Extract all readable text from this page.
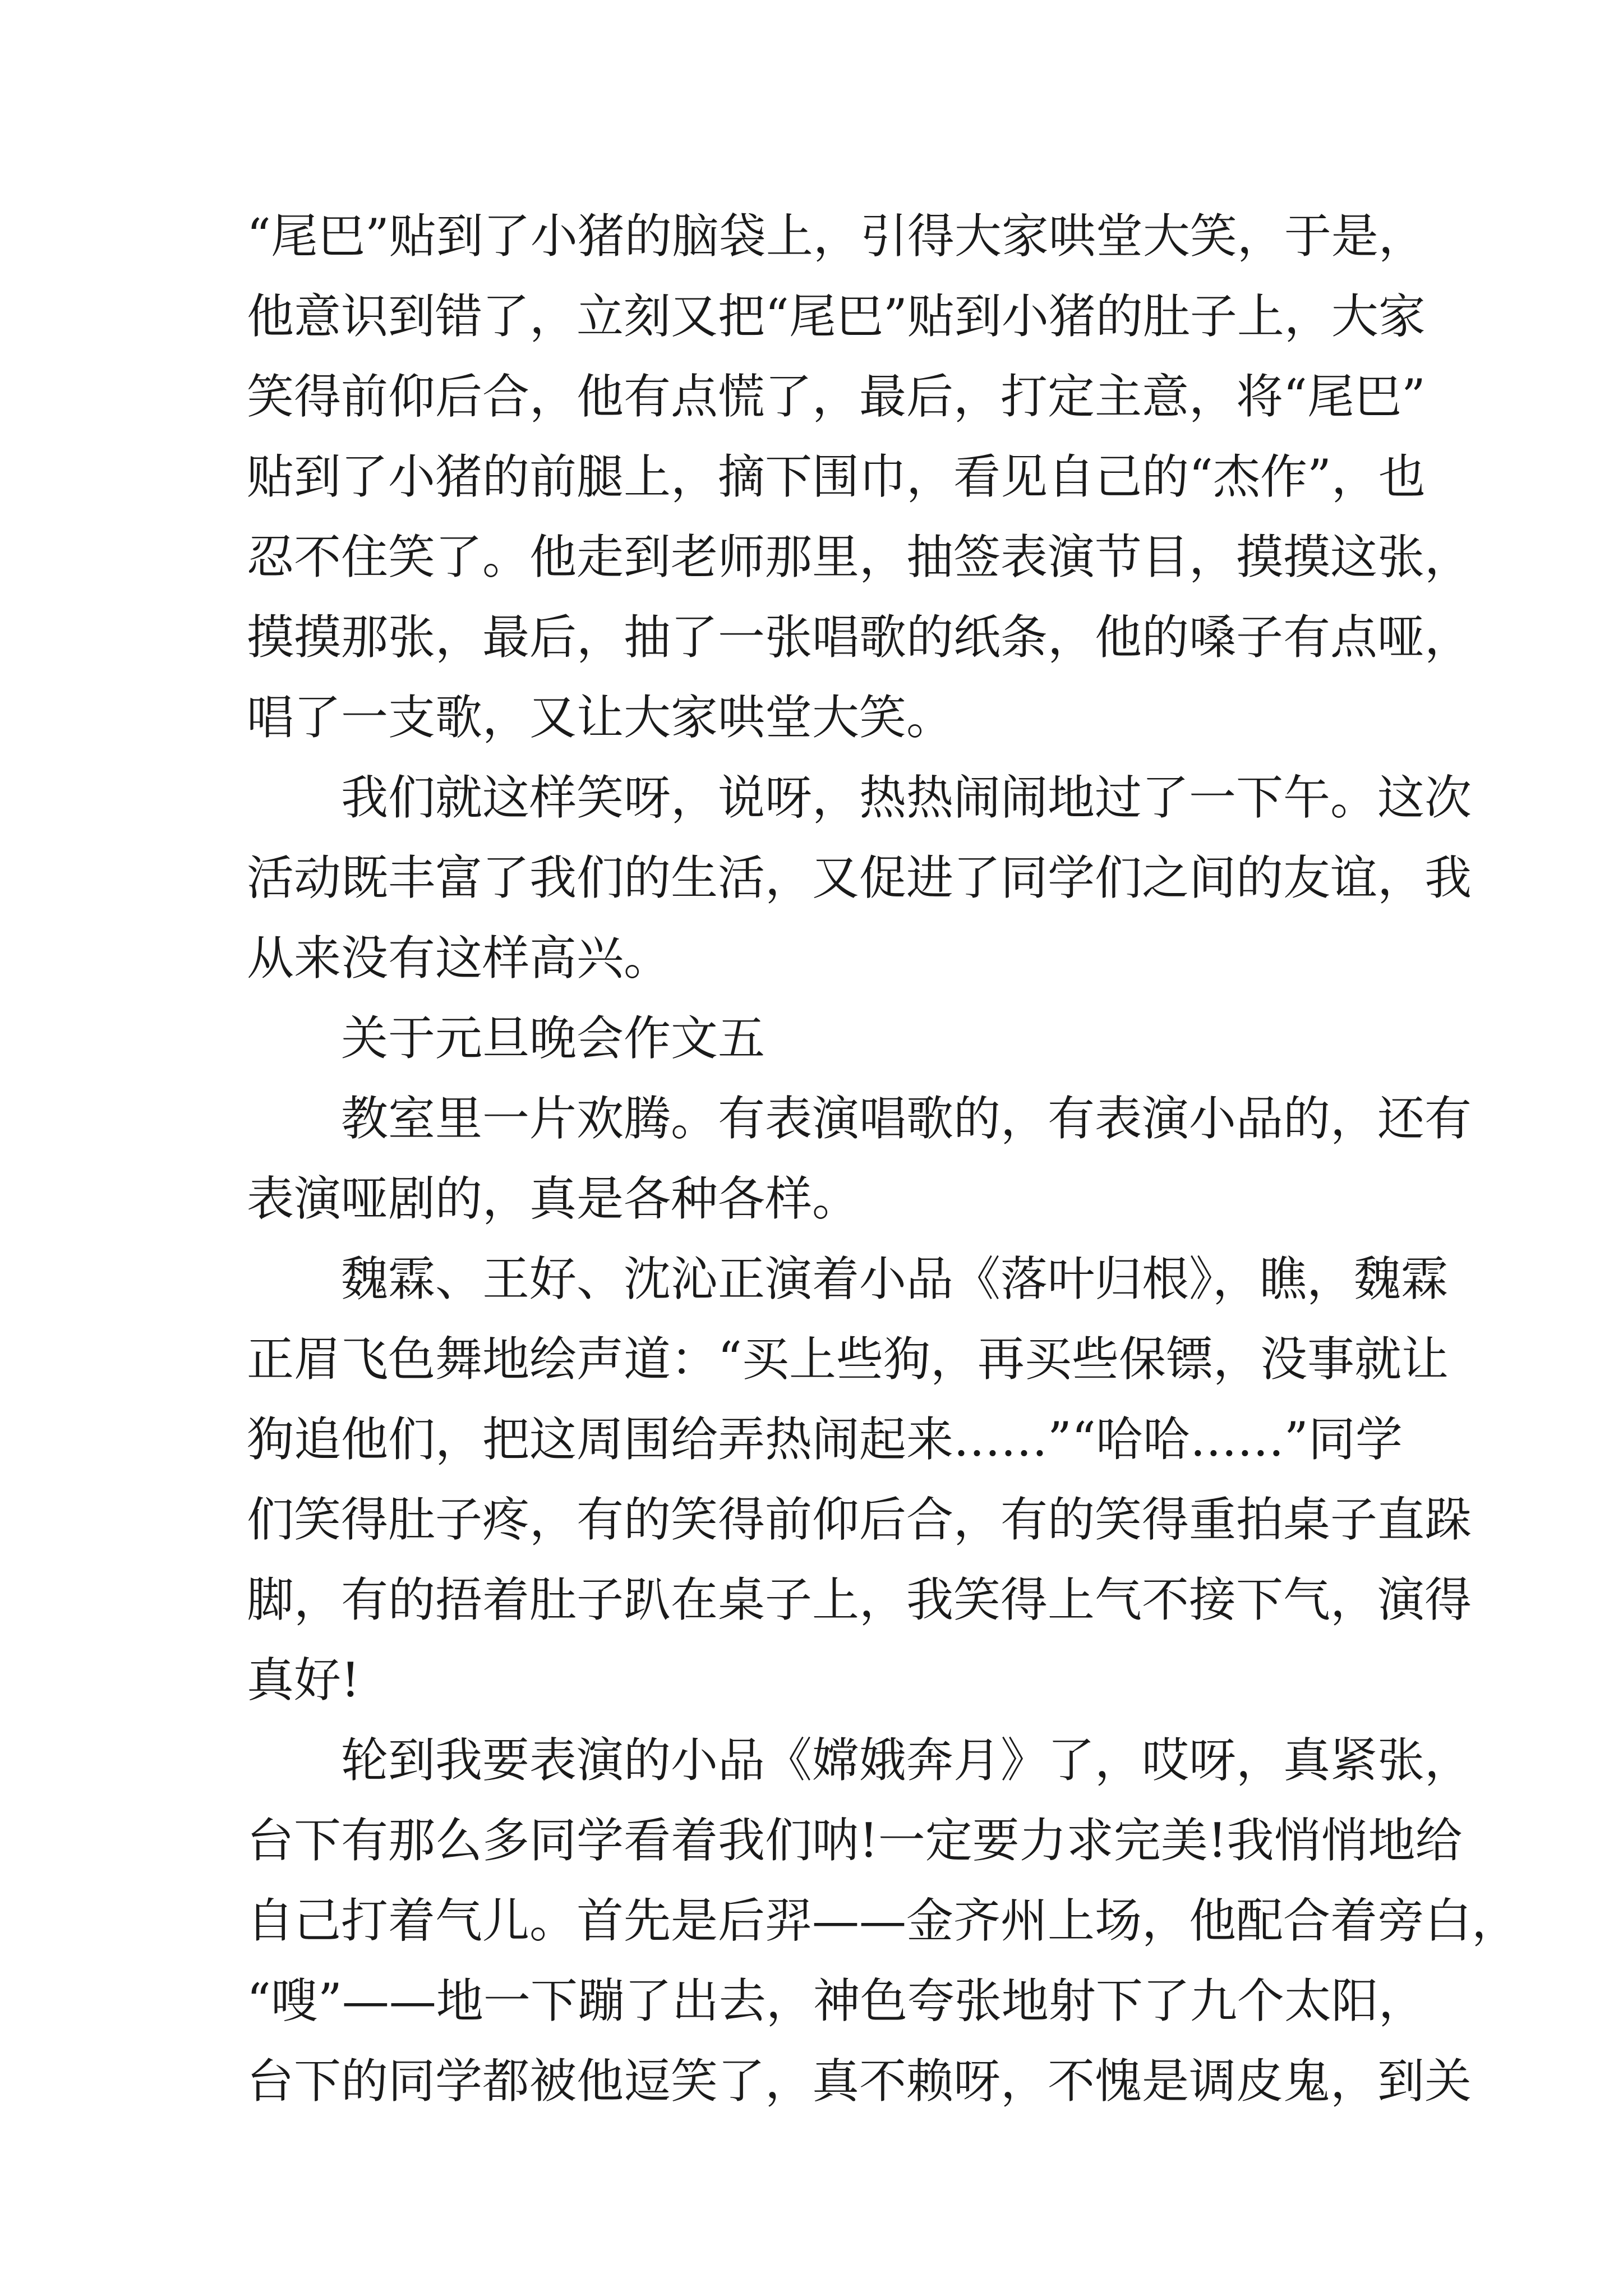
“尾巴”贴到了小猪的脑袋上，引得大家哄堂大笑，于是，
他意识到错了，立刻又把“尾巴”贴到小猪的肚子上，大家
笑得前仰后合，他有点慌了，最后，打定主意，将“尾巴”
贴到了小猪的前腿上，摘下围巾，看见自己的“杰作”，也
忍不住笑了。他走到老师那里，抽签表演节目，摸摸这张，
摸摸那张，最后，抽了一张唱歌的纸条，他的嗓子有点哑，
唱了一支歌，又让大家哄堂大笑。
我们就这样笑呀，说呀，热热闹闹地过了一下午。这次
活动既丰富了我们的生活，又促进了同学们之间的友谊，我
从来没有这样高兴。
关于元旦晚会作文五
教室里一片欢腾。有表演唱歌的，有表演小品的，还有
表演哑剧的，真是各种各样。
魏霖、王好、沈沁正演着小品《落叶归根》，瞧，魏霖
正眉飞色舞地绘声道：“买上些狗，再买些保镖，没事就让
狗追他们，把这周围给弄热闹起来……”“哈哈……”同学
们笑得肚子疼，有的笑得前仰后合，有的笑得重拍桌子直跺
脚，有的捂着肚子趴在桌子上，我笑得上气不接下气，演得
真好!
轮到我要表演的小品《嫦娥奔月》了，哎呀，真紧张，
台下有那么多同学看着我们呐!一定要力求完美!我悄悄地给
自己打着气儿。首先是后羿——金齐州上场，他配合着旁白，
“嗖”——地一下蹦了出去，神色夸张地射下了九个太阳，
台下的同学都被他逗笑了，真不赖呀，不愧是调皮鬼，到关
